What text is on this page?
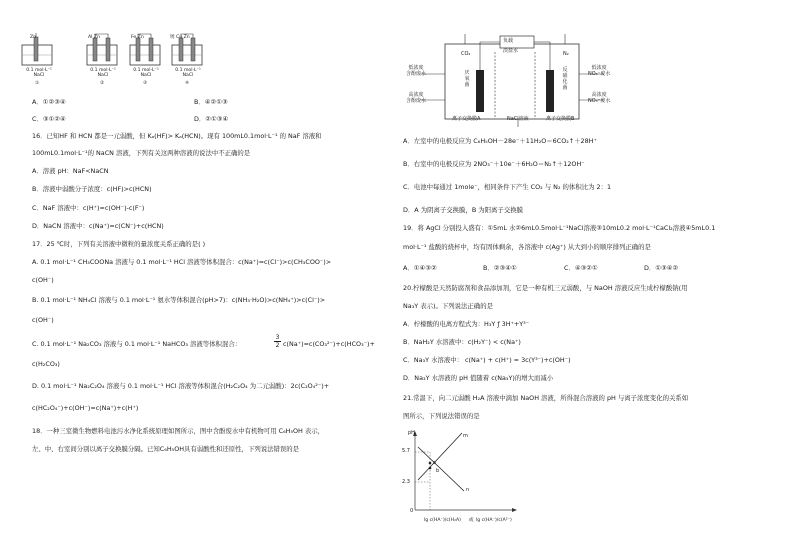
Zn
0.1 mol·L⁻¹
NaCl
①
Al Zn
0.1 mol·L⁻¹
NaCl
②
Fe Zn
0.1 mol·L⁻¹
NaCl
③
锈 Cu Zn
0.1 mol·L⁻¹
NaCl
④
A．①②③④	B．④②①③
C．③①②④	D．②①③④
16．已知HF 和 HCN 都是一元弱酸，但 Kₐ(HF)> Kₐ(HCN)。现有 100mL0.1mol·L⁻¹ 的 NaF 溶液和
100mL0.1mol·L⁻¹的 NaCN 溶液，下列有关这两种溶液的说法中不正确的是
A．溶液 pH：NaF<NaCN
B．溶液中弱酸分子浓度：c(HF)>c(HCN)
C．NaF 溶液中：c(H⁺)=c(OH⁻)-c(F⁻)
D．NaCN 溶液中：c(Na⁺)=c(CN⁻)+c(HCN)
17．25 ℃时，下列有关溶液中微粒的量浓度关系正确的是( )
A. 0.1 mol·L⁻¹ CH₃COONa 溶液与 0.1 mol·L⁻¹ HCl 溶液等体积混合：c(Na⁺)=c(Cl⁻)>c(CH₃COO⁻)>
c(OH⁻)
B. 0.1 mol·L⁻¹ NH₄Cl 溶液与 0.1 mol·L⁻¹ 氨水等体积混合(pH>7)：c(NH₃·H₂O)>c(NH₄⁺)>c(Cl⁻)>
c(OH⁻)
C. 0.1 mol·L⁻¹ Na₂CO₃ 溶液与 0.1 mol·L⁻¹ NaHCO₃ 溶液等体积混合：	$\frac{3}{2} c(Na^+)=c(CO_3^{2-})+c(HCO_3^-)+$
c(H₂CO₃)
D. 0.1 mol·L⁻¹ Na₂C₂O₄ 溶液与 0.1 mol·L⁻¹ HCl 溶液等体积混合(H₂C₂O₄ 为二元弱酸)：2c(C₂O₄²⁻)+
c(HC₂O₄⁻)+c(OH⁻)=c(Na⁺)+c(H⁺)
18．一种三室微生物燃料电池污水净化系统原理如图所示，图中含酚废水中有机物可用 C₆H₅OH 表示，
左、中、右室间分别以离子交换膜分隔。已知C₆H₅OH具有弱酸性和还原性，下列说法错误的是
负载
淡盐水
CO₂	N₂
厌
氧
菌
反
硝
化
菌
低浓度
含酚废水
高浓度
含酚废水
低浓度
NO₃⁻废水
高浓度
NO₃⁻废水
离子交换膜A	NaCl溶液	离子交换膜B
A．左室中的电极反应为 C₆H₅OH－28e⁻＋11H₂O＝6CO₂↑＋28H⁺
B．右室中的电极反应为 2NO₃⁻＋10e⁻＋6H₂O＝N₂↑＋12OH⁻
C．电池中每通过 1mole⁻，相同条件下产生 CO₂ 与 N₂ 的体积比为 2：1
D．A 为阴离子交换膜，B 为阳离子交换膜
19．将 AgCl 分别投入盛有：①5mL 水②6mL0.5mol·L⁻¹NaCl溶液③10mL0.2 mol·L⁻¹CaCl₂溶液④5mL0.1
mol·L⁻¹ 盐酸的烧杯中，均有固体剩余，各溶液中 c(Ag⁺) 从大到小的顺序排列正确的是
A．①④③②	B．②③④①	C．④③②①	D．①③④②
20.柠檬酸是天然防腐剂和食品添加剂，它是一种有机三元弱酸，与 NaOH 溶液反应生成柠檬酸钠(用
Na₃Y 表示)。下列说法正确的是
A．柠檬酸的电离方程式为：H₃Y ƒ 3H⁺+Y³⁻
B．NaH₂Y 水溶液中：c(H₂Y⁻) < c(Na⁺)
C．Na₃Y 水溶液中： c(Na⁺) + c(H⁺) = 3c(Y³⁻)+c(OH⁻)
D．Na₃Y 水溶液的 pH 值随着 c(Na₃Y)的增大而减小
21.常温下，向二元弱酸 H₂A 溶液中滴加 NaOH 溶液，所得混合溶液的 pH 与离子浓度变化的关系如
图所示，下列说法错误的是
pH
5.7
2.3
0
m
n
a
b
lg c(HA⁻)/c(H₂A) 或 lg c(HA⁻)/c(A²⁻)
